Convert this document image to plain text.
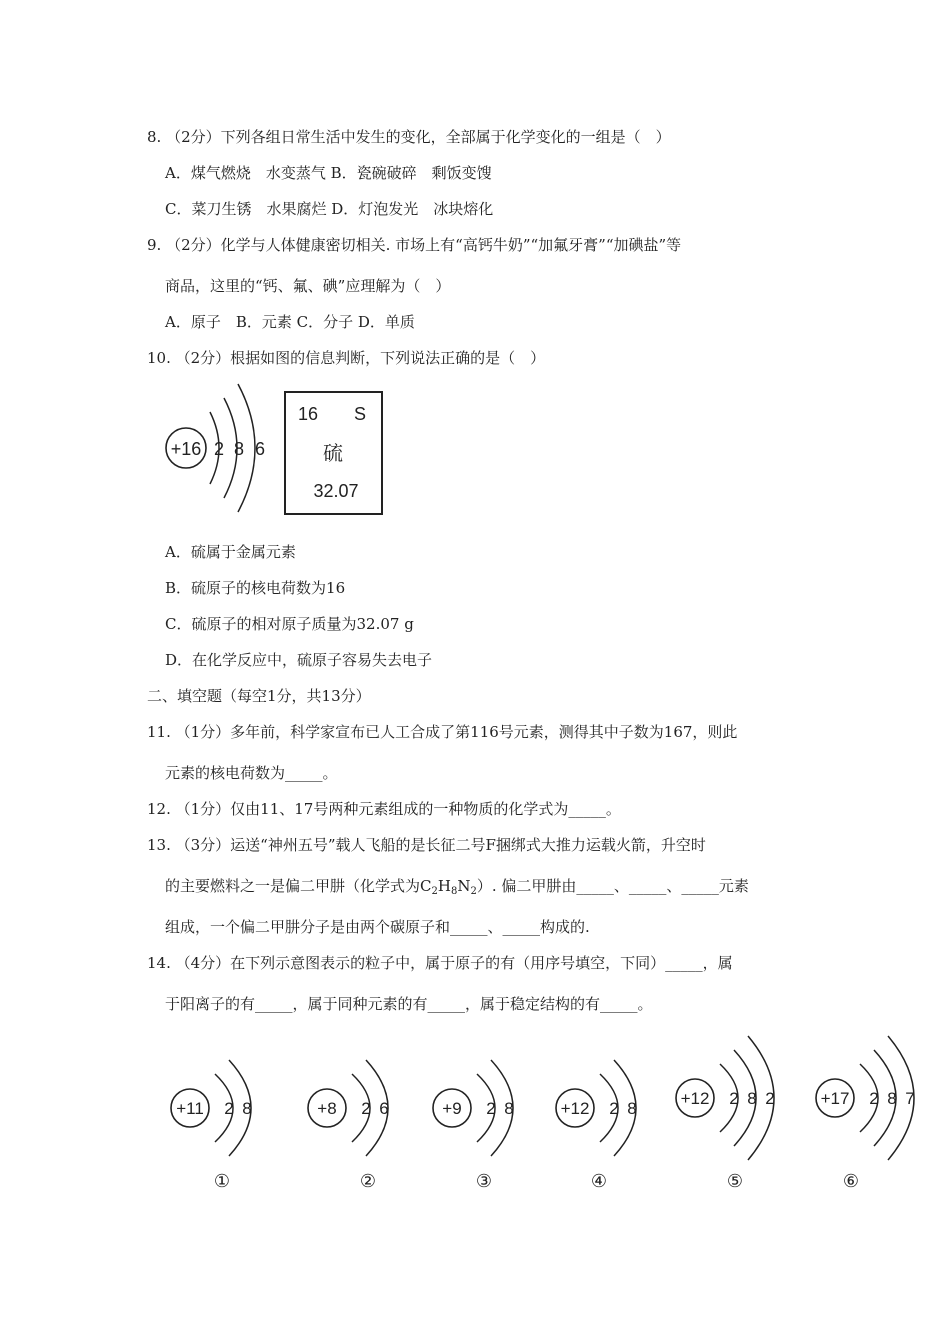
8. （2分）下列各组日常生活中发生的变化，全部属于化学变化的一组是（　）
A．煤气燃烧　水变蒸气 B．瓷碗破碎　剩饭变馊
C．菜刀生锈　水果腐烂 D．灯泡发光　冰块熔化
9. （2分）化学与人体健康密切相关. 市场上有“高钙牛奶”“加氟牙膏”“加碘盐”等
商品，这里的“钙、氟、碘”应理解为（　）
A．原子　B．元素 C．分子 D．单质
10. （2分）根据如图的信息判断，下列说法正确的是（　）
+16 2 8 6
16 S
硫
32.07
A．硫属于金属元素
B．硫原子的核电荷数为16
C．硫原子的相对原子质量为32.07 g
D．在化学反应中，硫原子容易失去电子
二、填空题（每空1分，共13分）
11. （1分）多年前，科学家宣布已人工合成了第116号元素，测得其中子数为167，则此
元素的核电荷数为_____。
12. （1分）仅由11、17号两种元素组成的一种物质的化学式为_____。
13. （3分）运送“神州五号”载人飞船的是长征二号F捆绑式大推力运载火箭，升空时
的主要燃料之一是偏二甲肼（化学式为$C_2H_8N_2$）. 偏二甲肼由_____、_____、_____元素
组成，一个偏二甲肼分子是由两个碳原子和_____、_____构成的.
14. （4分）在下列示意图表示的粒子中，属于原子的有（用序号填空，下同）_____，属
于阳离子的有_____，属于同种元素的有_____，属于稳定结构的有_____。
+11 2 8
①
+8 2 6
②
+9 2 8
③
+12 2 8
④
+12 2 8 2
⑤
+17 2 8 7
⑥
